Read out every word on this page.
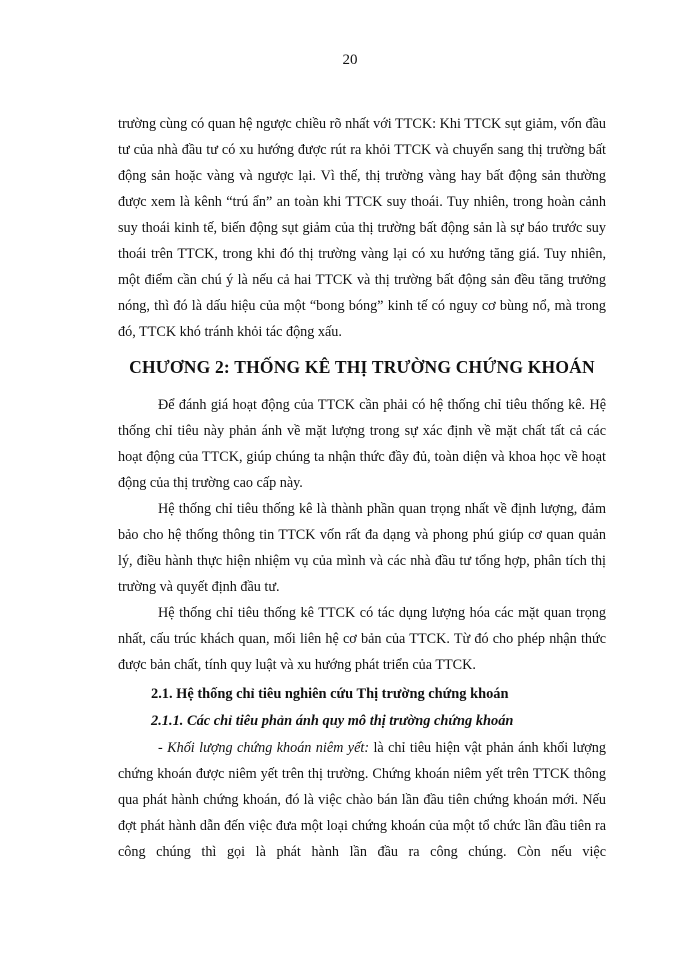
20

trường cùng có quan hệ ngược chiều rõ nhất với TTCK: Khi TTCK sụt giảm, vốn đầu tư của nhà đầu tư có xu hướng được rút ra khỏi TTCK và chuyển sang thị trường bất động sản hoặc vàng và ngược lại. Vì thế, thị trường vàng hay bất động sản thường được xem là kênh “trú ẩn” an toàn khi TTCK suy thoái. Tuy nhiên, trong hoàn cảnh suy thoái kinh tế, biến động sụt giảm của thị trường bất động sản là sự báo trước suy thoái trên TTCK, trong khi đó thị trường vàng lại có xu hướng tăng giá. Tuy nhiên, một điểm cần chú ý là nếu cả hai TTCK và thị trường bất động sản đều tăng trưởng nóng, thì đó là dấu hiệu của một “bong bóng” kinh tế có nguy cơ bùng nổ, mà trong đó, TTCK khó tránh khỏi tác động xấu.

CHƯƠNG 2: THỐNG KÊ THỊ TRƯỜNG CHỨNG KHOÁN

Để đánh giá hoạt động của TTCK cần phải có hệ thống chỉ tiêu thống kê. Hệ thống chỉ tiêu này phản ánh về mặt lượng trong sự xác định về mặt chất tất cả các hoạt động của TTCK, giúp chúng ta nhận thức đầy đủ, toàn diện và khoa học về hoạt động của thị trường cao cấp này.

Hệ thống chỉ tiêu thống kê là thành phần quan trọng nhất về định lượng, đảm bảo cho hệ thống thông tin TTCK vốn rất đa dạng và phong phú giúp cơ quan quản lý, điều hành thực hiện nhiệm vụ của mình và các nhà đầu tư tổng hợp, phân tích thị trường và quyết định đầu tư.

Hệ thống chỉ tiêu thống kê TTCK có tác dụng lượng hóa các mặt quan trọng nhất, cấu trúc khách quan, mối liên hệ cơ bản của TTCK. Từ đó cho phép nhận thức được bản chất, tính quy luật và xu hướng phát triển của TTCK.

2.1. Hệ thống chỉ tiêu nghiên cứu Thị trường chứng khoán
2.1.1. Các chỉ tiêu phản ánh quy mô thị trường chứng khoán

- Khối lượng chứng khoán niêm yết: là chỉ tiêu hiện vật phản ánh khối lượng chứng khoán được niêm yết trên thị trường. Chứng khoán niêm yết trên TTCK thông qua phát hành chứng khoán, đó là việc chào bán lần đầu tiên chứng khoán mới. Nếu đợt phát hành dẫn đến việc đưa một loại chứng khoán của một tổ chức lần đầu tiên ra công chúng thì gọi là phát hành lần đầu ra công chúng. Còn nếu việc
